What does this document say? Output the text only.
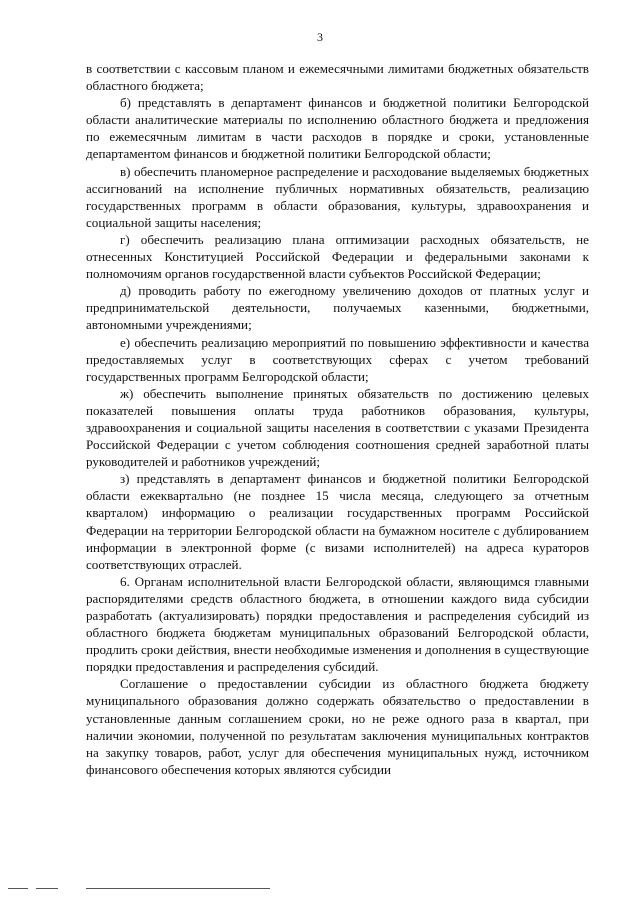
3

в соответствии с кассовым планом и ежемесячными лимитами бюджетных обязательств областного бюджета;

б) представлять в департамент финансов и бюджетной политики Белгородской области аналитические материалы по исполнению областного бюджета и предложения по ежемесячным лимитам в части расходов в порядке и сроки, установленные департаментом финансов и бюджетной политики Белгородской области;

в) обеспечить планомерное распределение и расходование выделяемых бюджетных ассигнований на исполнение публичных нормативных обязательств, реализацию государственных программ в области образования, культуры, здравоохранения и социальной защиты населения;

г) обеспечить реализацию плана оптимизации расходных обязательств, не отнесенных Конституцией Российской Федерации и федеральными законами к полномочиям органов государственной власти субъектов Российской Федерации;

д) проводить работу по ежегодному увеличению доходов от платных услуг и предпринимательской деятельности, получаемых казенными, бюджетными, автономными учреждениями;

е) обеспечить реализацию мероприятий по повышению эффективности и качества предоставляемых услуг в соответствующих сферах с учетом требований государственных программ Белгородской области;

ж) обеспечить выполнение принятых обязательств по достижению целевых показателей повышения оплаты труда работников образования, культуры, здравоохранения и социальной защиты населения в соответствии с указами Президента Российской Федерации с учетом соблюдения соотношения средней заработной платы руководителей и работников учреждений;

з) представлять в департамент финансов и бюджетной политики Белгородской области ежеквартально (не позднее 15 числа месяца, следующего за отчетным кварталом) информацию о реализации государственных программ Российской Федерации на территории Белгородской области на бумажном носителе с дублированием информации в электронной форме (с визами исполнителей) на адреса кураторов соответствующих отраслей.

6. Органам исполнительной власти Белгородской области, являющимся главными распорядителями средств областного бюджета, в отношении каждого вида субсидии разработать (актуализировать) порядки предоставления и распределения субсидий из областного бюджета бюджетам муниципальных образований Белгородской области, продлить сроки действия, внести необходимые изменения и дополнения в существующие порядки предоставления и распределения субсидий.

Соглашение о предоставлении субсидии из областного бюджета бюджету муниципального образования должно содержать обязательство о предоставлении в установленные данным соглашением сроки, но не реже одного раза в квартал, при наличии экономии, полученной по результатам заключения муниципальных контрактов на закупку товаров, работ, услуг для обеспечения муниципальных нужд, источником финансового обеспечения которых являются субсидии
